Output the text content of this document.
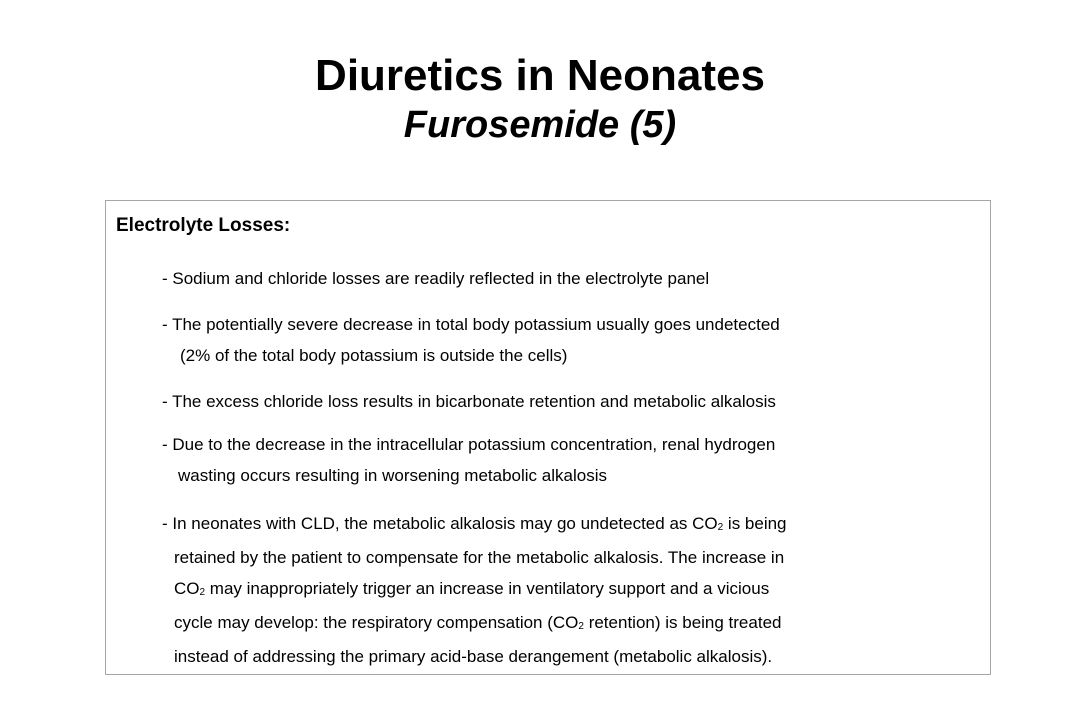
Diuretics in Neonates
Furosemide (5)
Electrolyte Losses:
- Sodium and chloride losses are readily reflected in the electrolyte panel
- The potentially severe decrease in total body potassium usually goes undetected
(2% of the total body potassium is outside the cells)
- The excess chloride loss results in bicarbonate retention and metabolic alkalosis
- Due to the decrease in the intracellular potassium concentration, renal hydrogen
wasting occurs resulting in worsening metabolic alkalosis
- In neonates with CLD, the metabolic alkalosis may go undetected as $CO_2$ is being
retained by the patient to compensate for the metabolic alkalosis. The increase in
$CO_2$ may inappropriately trigger an increase in ventilatory support and a vicious
cycle may develop: the respiratory compensation ($CO_2$ retention) is being treated
instead of addressing the primary acid-base derangement (metabolic alkalosis).
